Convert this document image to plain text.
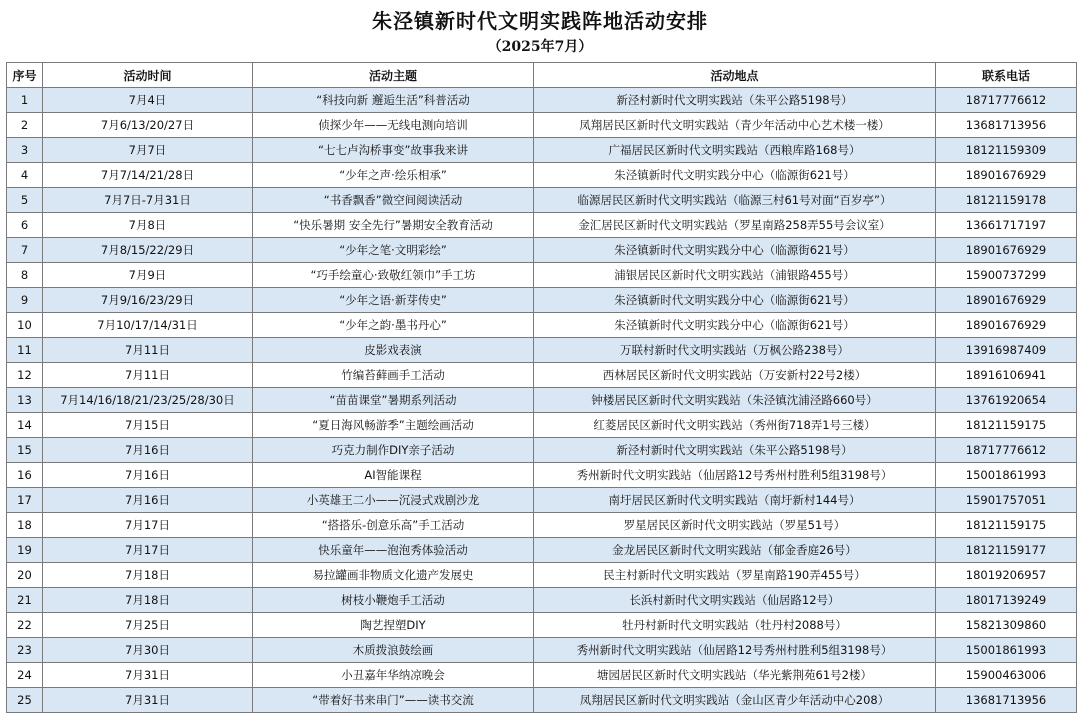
朱泾镇新时代文明实践阵地活动安排
（2025年7月）
序号	活动时间	活动主题	活动地点	联系电话
1	7月4日	“科技向新 邂逅生活”科普活动	新泾村新时代文明实践站（朱平公路5198号）	18717776612
2	7月6/13/20/27日	侦探少年——无线电测向培训	凤翔居民区新时代文明实践站（青少年活动中心艺术楼一楼）	13681713956
3	7月7日	“七七卢沟桥事变”故事我来讲	广福居民区新时代文明实践站（西粮库路168号）	18121159309
4	7月7/14/21/28日	“少年之声·绘乐相承”	朱泾镇新时代文明实践分中心（临源街621号）	18901676929
5	7月7日-7月31日	“书香飘香”微空间阅读活动	临源居民区新时代文明实践站（临源三村61号对面“百岁亭”）	18121159178
6	7月8日	“快乐暑期 安全先行”暑期安全教育活动	金汇居民区新时代文明实践站（罗星南路258弄55号会议室）	13661717197
7	7月8/15/22/29日	“少年之笔·文明彩绘”	朱泾镇新时代文明实践分中心（临源街621号）	18901676929
8	7月9日	“巧手绘童心·致敬红领巾”手工坊	浦银居民区新时代文明实践站（浦银路455号）	15900737299
9	7月9/16/23/29日	“少年之语·新芽传史”	朱泾镇新时代文明实践分中心（临源街621号）	18901676929
10	7月10/17/14/31日	“少年之韵·墨书丹心”	朱泾镇新时代文明实践分中心（临源街621号）	18901676929
11	7月11日	皮影戏表演	万联村新时代文明实践站（万枫公路238号）	13916987409
12	7月11日	竹编苔藓画手工活动	西林居民区新时代文明实践站（万安新村22号2楼）	18916106941
13	7月14/16/18/21/23/25/28/30日	“苗苗课堂”暑期系列活动	钟楼居民区新时代文明实践站（朱泾镇沈浦泾路660号）	13761920654
14	7月15日	“夏日海风畅游季”主题绘画活动	红菱居民区新时代文明实践站（秀州街718弄1号三楼）	18121159175
15	7月16日	巧克力制作DIY亲子活动	新泾村新时代文明实践站（朱平公路5198号）	18717776612
16	7月16日	AI智能课程	秀州新时代文明实践站（仙居路12号秀州村胜利5组3198号）	15001861993
17	7月16日	小英雄王二小——沉浸式戏剧沙龙	南圩居民区新时代文明实践站（南圩新村144号）	15901757051
18	7月17日	“搭搭乐-创意乐高”手工活动	罗星居民区新时代文明实践站（罗星51号）	18121159175
19	7月17日	快乐童年——泡泡秀体验活动	金龙居民区新时代文明实践站（郁金香庭26号）	18121159177
20	7月18日	易拉罐画非物质文化遗产发展史	民主村新时代文明实践站（罗星南路190弄455号）	18019206957
21	7月18日	树枝小鞭炮手工活动	长浜村新时代文明实践站（仙居路12号）	18017139249
22	7月25日	陶艺捏塑DIY	牡丹村新时代文明实践站（牡丹村2088号）	15821309860
23	7月30日	木质拨浪鼓绘画	秀州新时代文明实践站（仙居路12号秀州村胜利5组3198号）	15001861993
24	7月31日	小丑嘉年华纳凉晚会	塘园居民区新时代文明实践站（华光紫荆苑61号2楼）	15900463006
25	7月31日	“带着好书来串门”——读书交流	凤翔居民区新时代文明实践站（金山区青少年活动中心208）	13681713956
